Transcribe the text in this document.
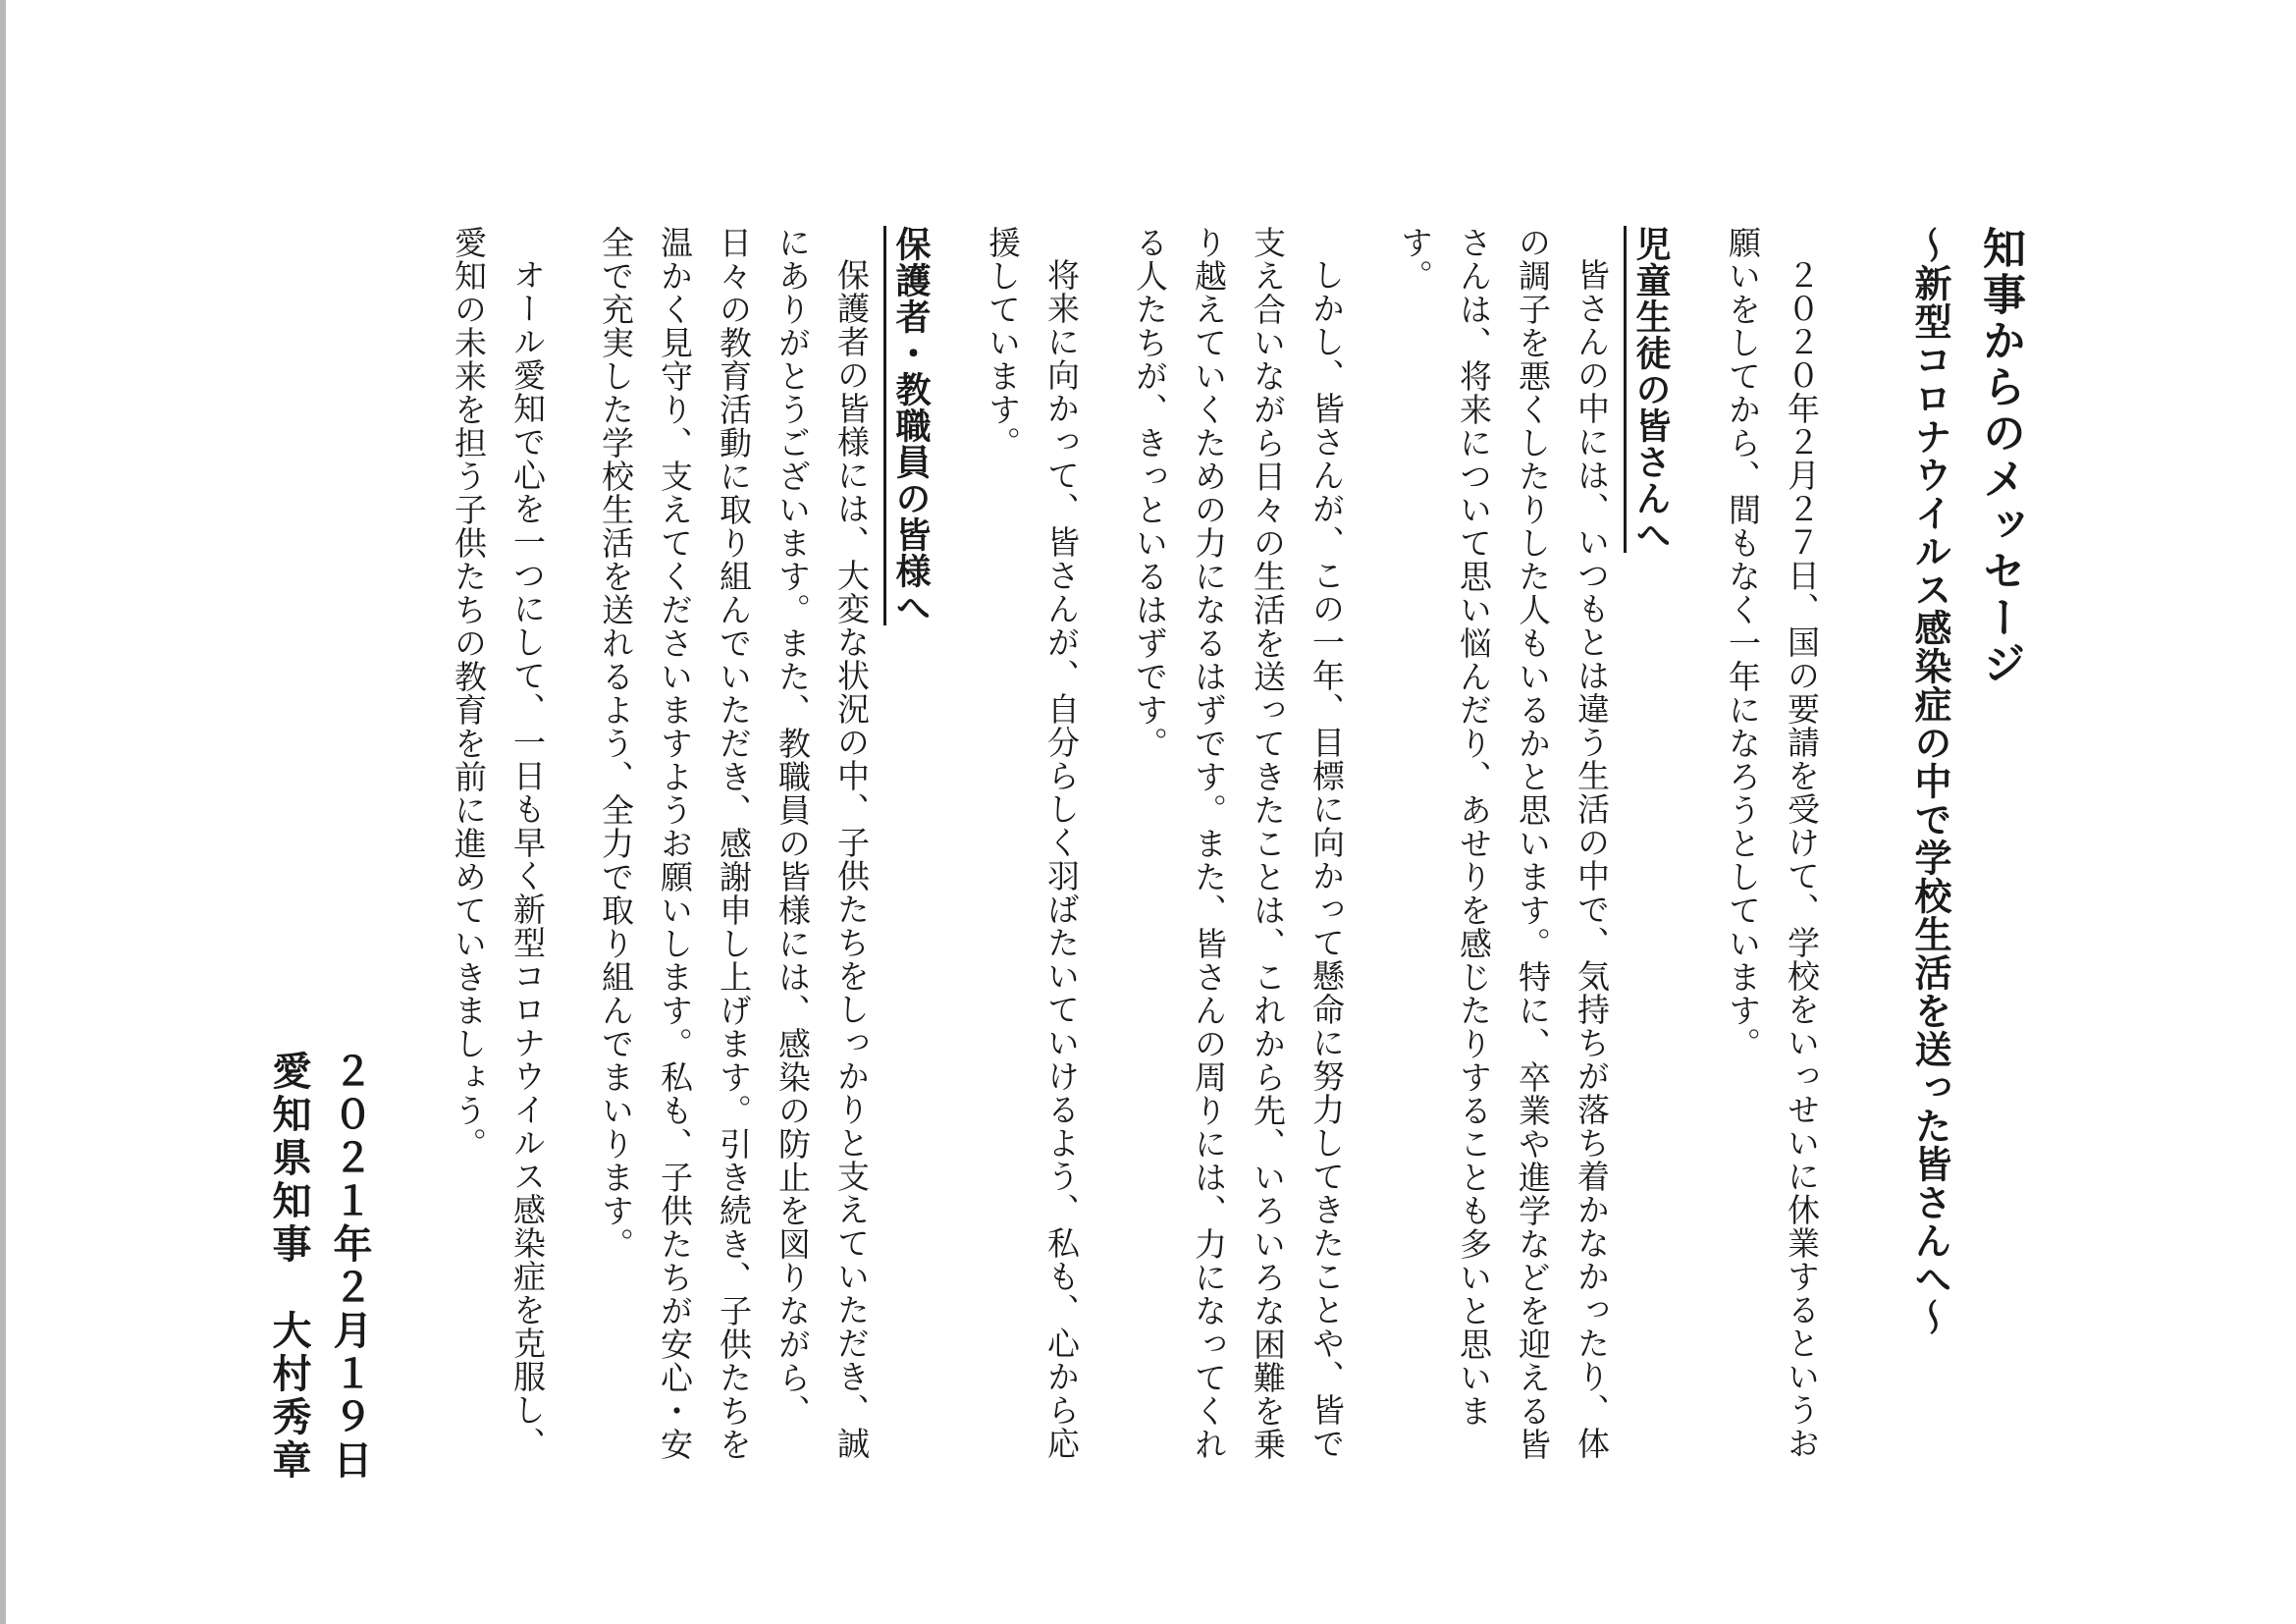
知事からのメッセージ
～新型コロナウイルス感染症の中で学校生活を送った皆さんへ～

２０２０年２月２７日、国の要請を受けて、学校をいっせいに休業するというお願いをしてから、間もなく一年になろうとしています。

児童生徒の皆さんへ

皆さんの中には、いつもとは違う生活の中で、気持ちが落ち着かなかったり、体の調子を悪くしたりした人もいるかと思います。特に、卒業や進学などを迎える皆さんは、将来について思い悩んだり、あせりを感じたりすることも多いと思います。

しかし、皆さんが、この一年、目標に向かって懸命に努力してきたことや、皆で支え合いながら日々の生活を送ってきたことは、これから先、いろいろな困難を乗り越えていくための力になるはずです。また、皆さんの周りには、力になってくれる人たちが、きっといるはずです。

将来に向かって、皆さんが、自分らしく羽ばたいていけるよう、私も、心から応援しています。

保護者・教職員の皆様へ

保護者の皆様には、大変な状況の中、子供たちをしっかりと支えていただき、誠にありがとうございます。また、教職員の皆様には、感染の防止を図りながら、日々の教育活動に取り組んでいただき、感謝申し上げます。引き続き、子供たちを温かく見守り、支えてくださいますようお願いします。私も、子供たちが安心・安全で充実した学校生活を送れるよう、全力で取り組んでまいります。

オール愛知で心を一つにして、一日も早く新型コロナウイルス感染症を克服し、愛知の未来を担う子供たちの教育を前に進めていきましょう。

２０２１年２月１９日
愛知県知事　大村秀章
